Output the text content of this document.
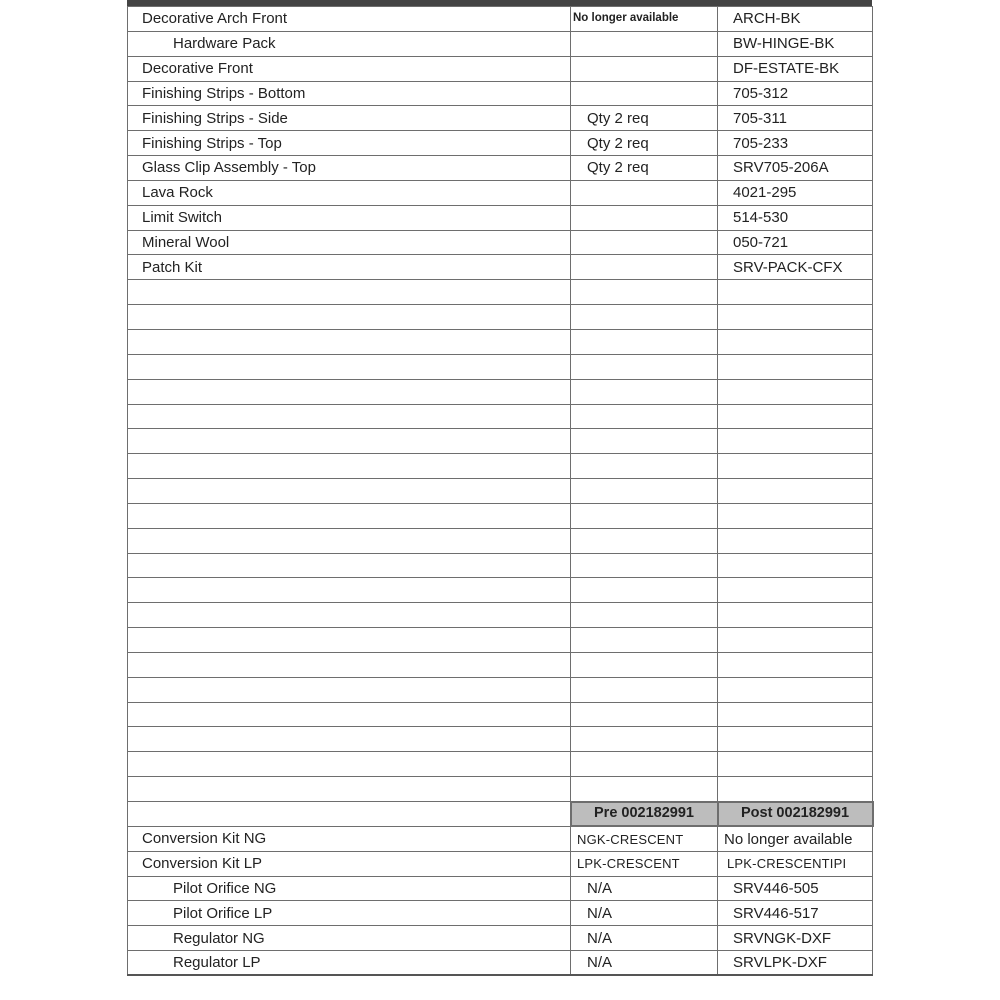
Decorative Arch Front	No longer available	ARCH-BK
Hardware Pack		BW-HINGE-BK
Decorative Front		DF-ESTATE-BK
Finishing Strips - Bottom		705-312
Finishing Strips - Side	Qty 2 req	705-311
Finishing Strips - Top	Qty 2 req	705-233
Glass Clip Assembly - Top	Qty 2 req	SRV705-206A
Lava Rock		4021-295
Limit Switch		514-530
Mineral Wool		050-721
Patch Kit		SRV-PACK-CFX

	Pre 002182991	Post 002182991
Conversion Kit NG	NGK-CRESCENT	No longer available
Conversion Kit LP	LPK-CRESCENT	LPK-CRESCENTIPI
Pilot Orifice NG	N/A	SRV446-505
Pilot Orifice LP	N/A	SRV446-517
Regulator NG	N/A	SRVNGK-DXF
Regulator LP	N/A	SRVLPK-DXF
